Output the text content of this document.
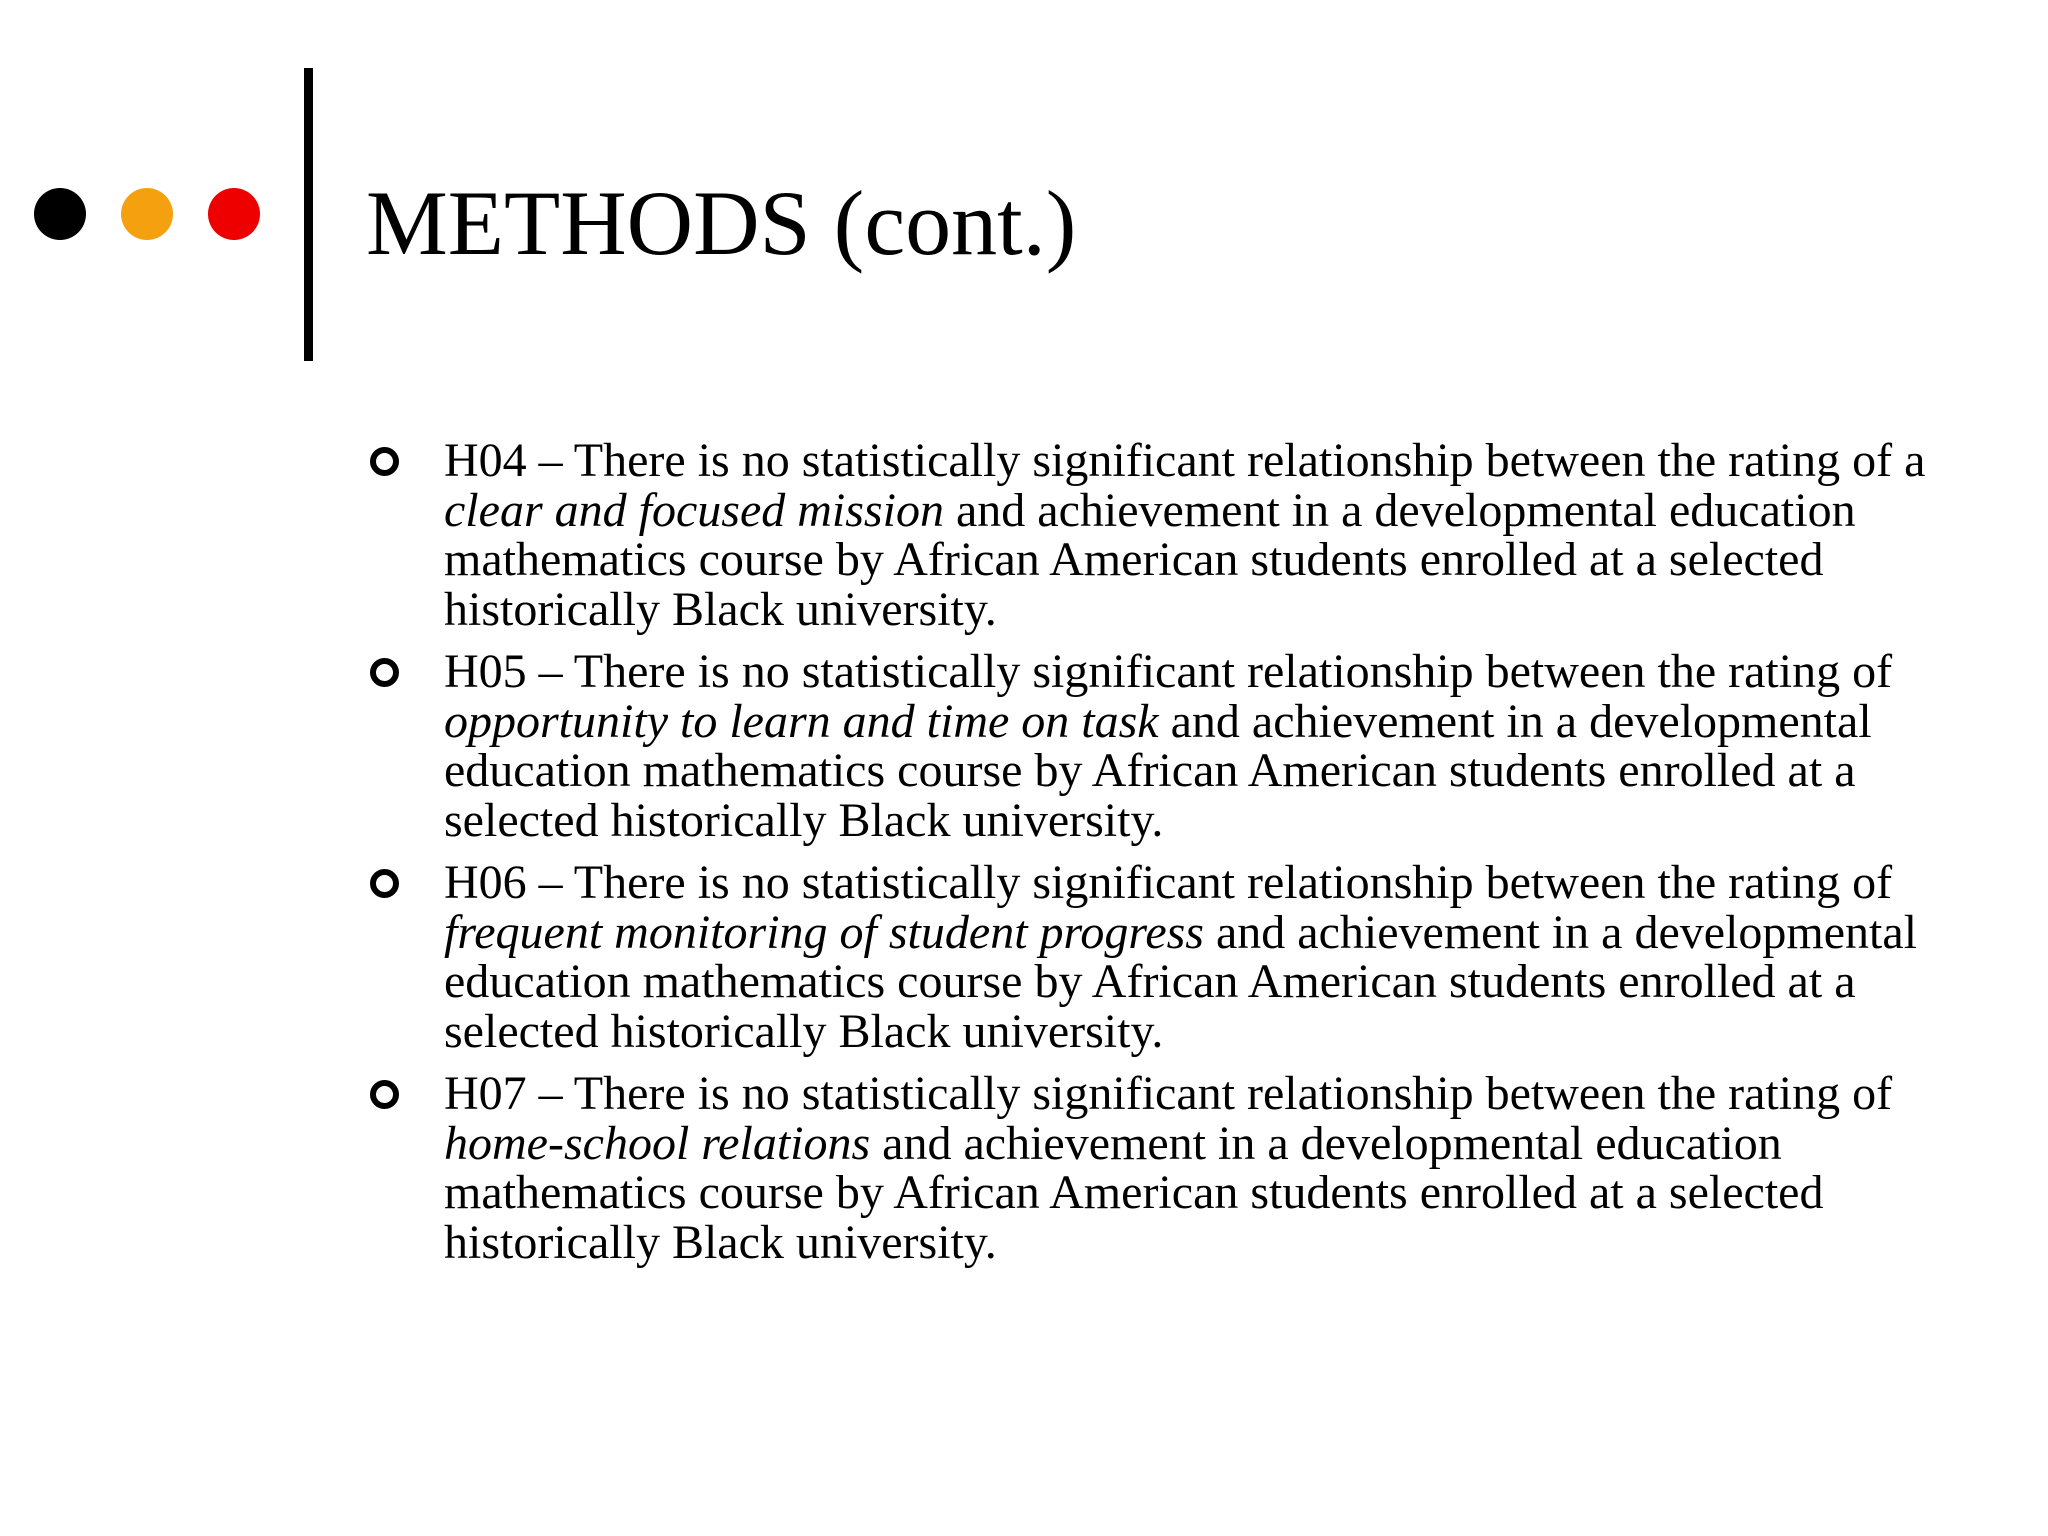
METHODS (cont.)
H04 – There is no statistically significant relationship between the rating of a clear and focused mission and achievement in a developmental education mathematics course by African American students enrolled at a selected historically Black university.
H05 – There is no statistically significant relationship between the rating of opportunity to learn and time on task and achievement in a developmental education mathematics course by African American students enrolled at a selected historically Black university.
H06 – There is no statistically significant relationship between the rating of frequent monitoring of student progress and achievement in a developmental education mathematics course by African American students enrolled at a selected historically Black university.
H07 – There is no statistically significant relationship between the rating of home-school relations and achievement in a developmental education mathematics course by African American students enrolled at a selected historically Black university.
